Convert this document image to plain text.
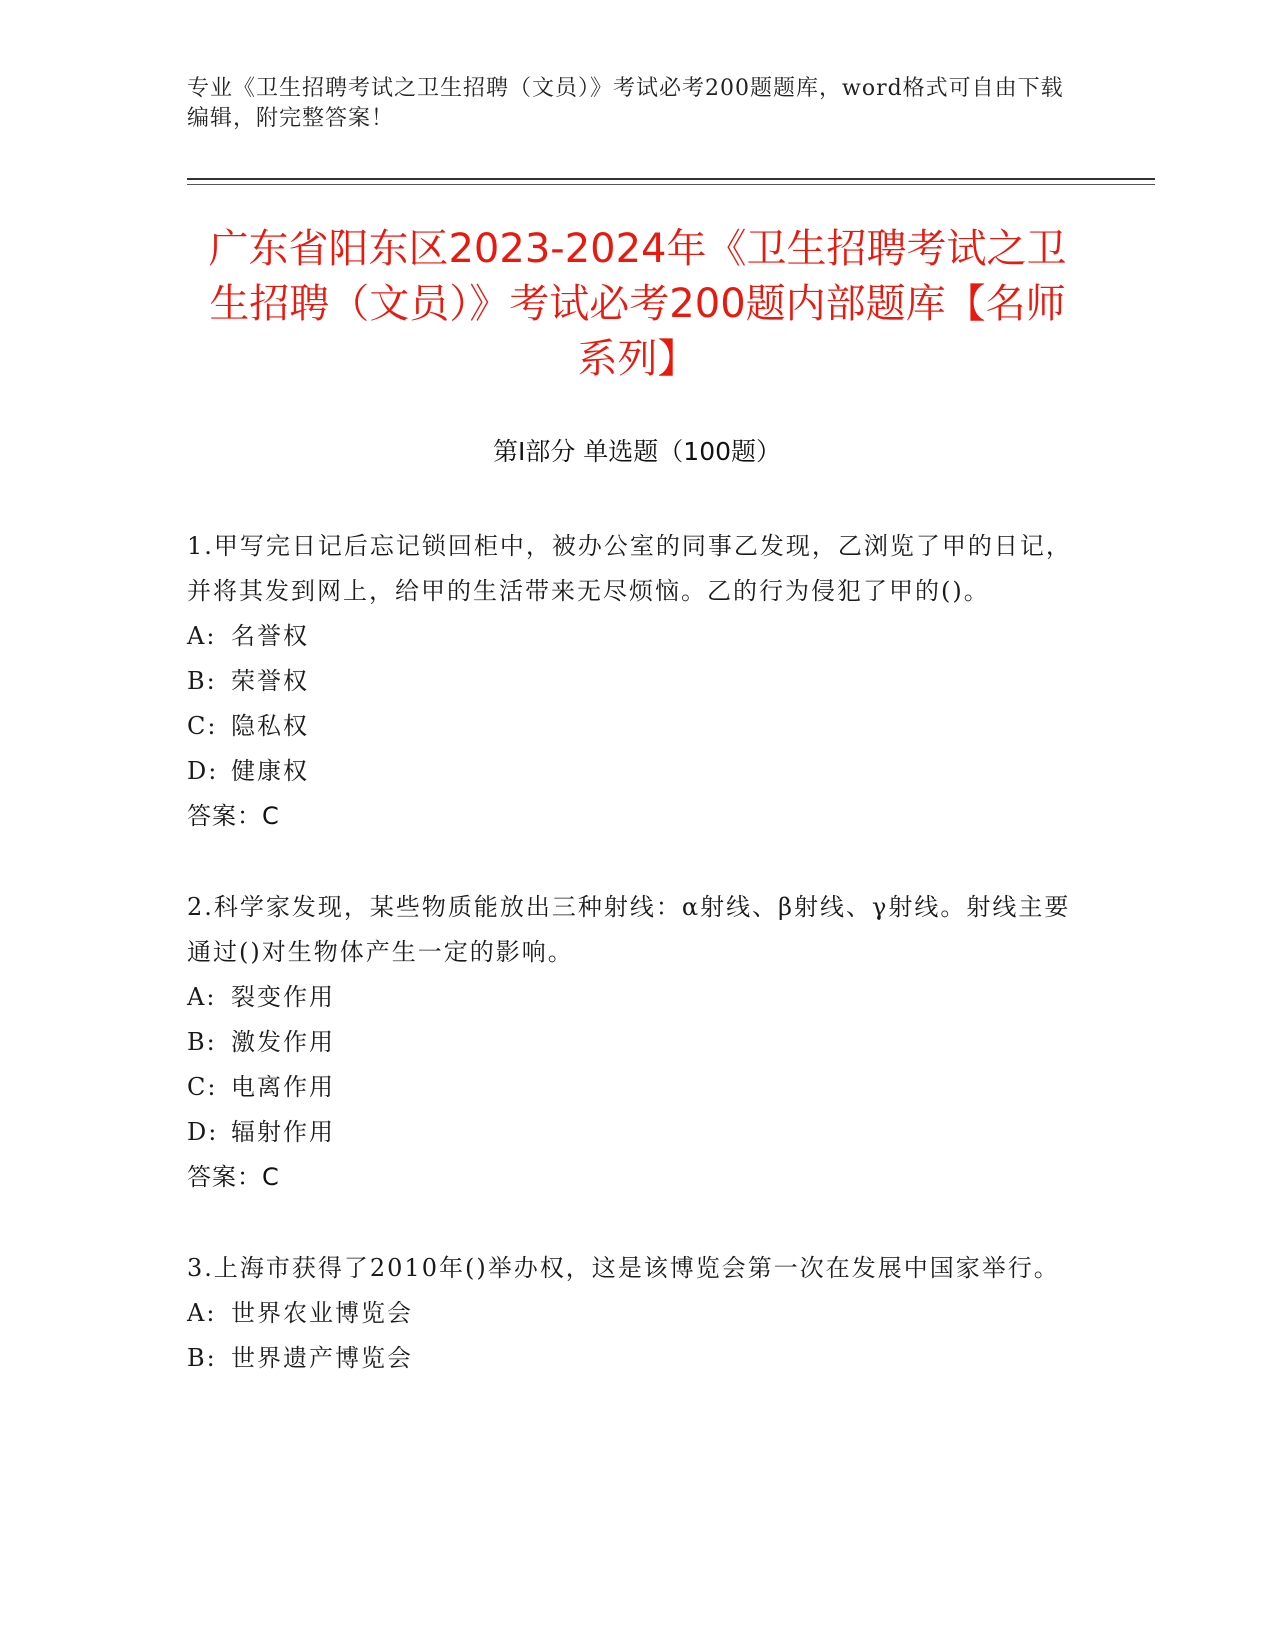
专业《卫生招聘考试之卫生招聘（文员）》考试必考200题题库，word格式可自由下载编辑，附完整答案！
广东省阳东区2023-2024年《卫生招聘考试之卫生招聘（文员）》考试必考200题内部题库【名师系列】
第Ⅰ部分 单选题（100题）
1.甲写完日记后忘记锁回柜中，被办公室的同事乙发现，乙浏览了甲的日记，并将其发到网上，给甲的生活带来无尽烦恼。乙的行为侵犯了甲的()。
A: 名誉权
B: 荣誉权
C: 隐私权
D: 健康权
答案：C
2.科学家发现，某些物质能放出三种射线：α射线、β射线、γ射线。射线主要通过()对生物体产生一定的影响。
A: 裂变作用
B: 激发作用
C: 电离作用
D: 辐射作用
答案：C
3.上海市获得了2010年()举办权，这是该博览会第一次在发展中国家举行。
A: 世界农业博览会
B: 世界遗产博览会
